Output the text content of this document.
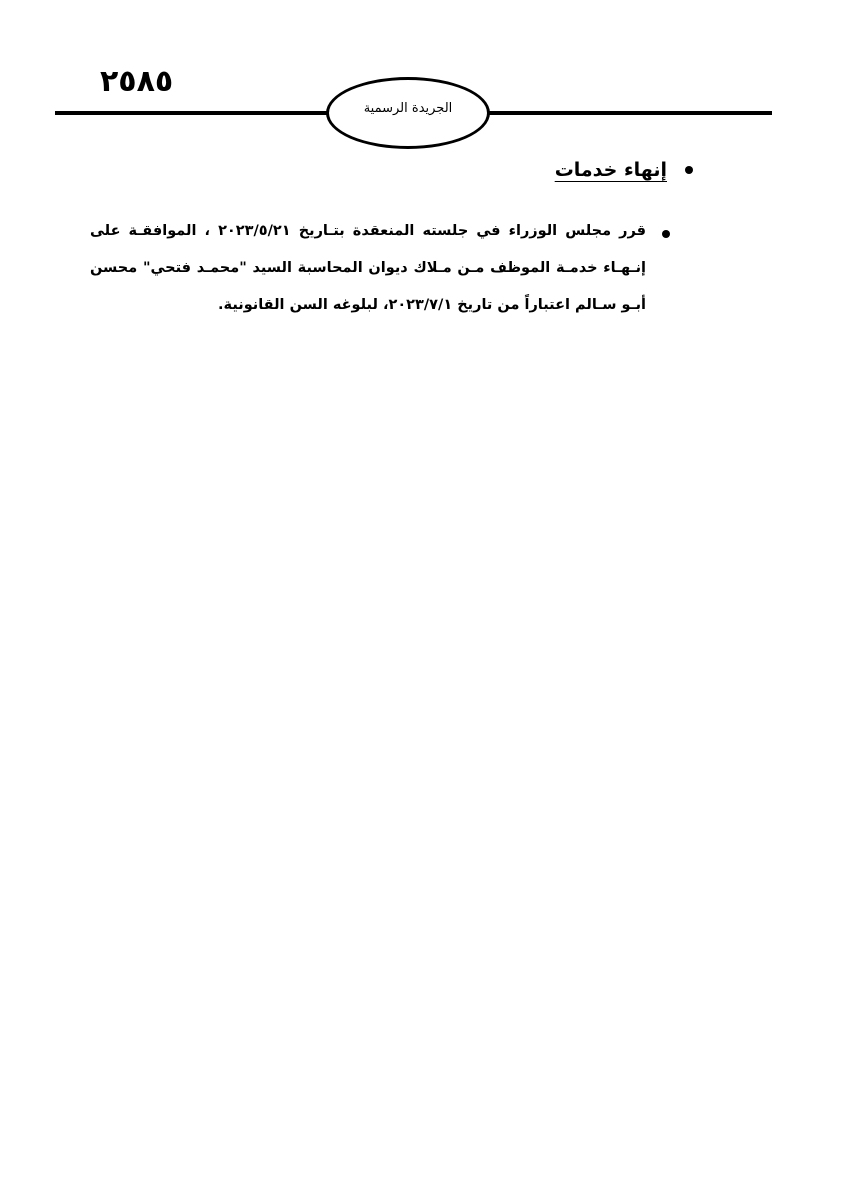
٢٥٨٥
الجريدة الرسمية
إنهاء خدمات
قرر مجلس الوزراء في جلسته المنعقدة بتـاريخ ٢٠٢٣/٥/٢١ ، الموافقـة على إنـهـاء خدمـة الموظف مـن مـلاك ديوان المحاسبة السيد "محمـد فتحي" محسن أبـو سـالم اعتباراً من تاريخ ٢٠٢٣/٧/١، لبلوغه السن القانونية.
